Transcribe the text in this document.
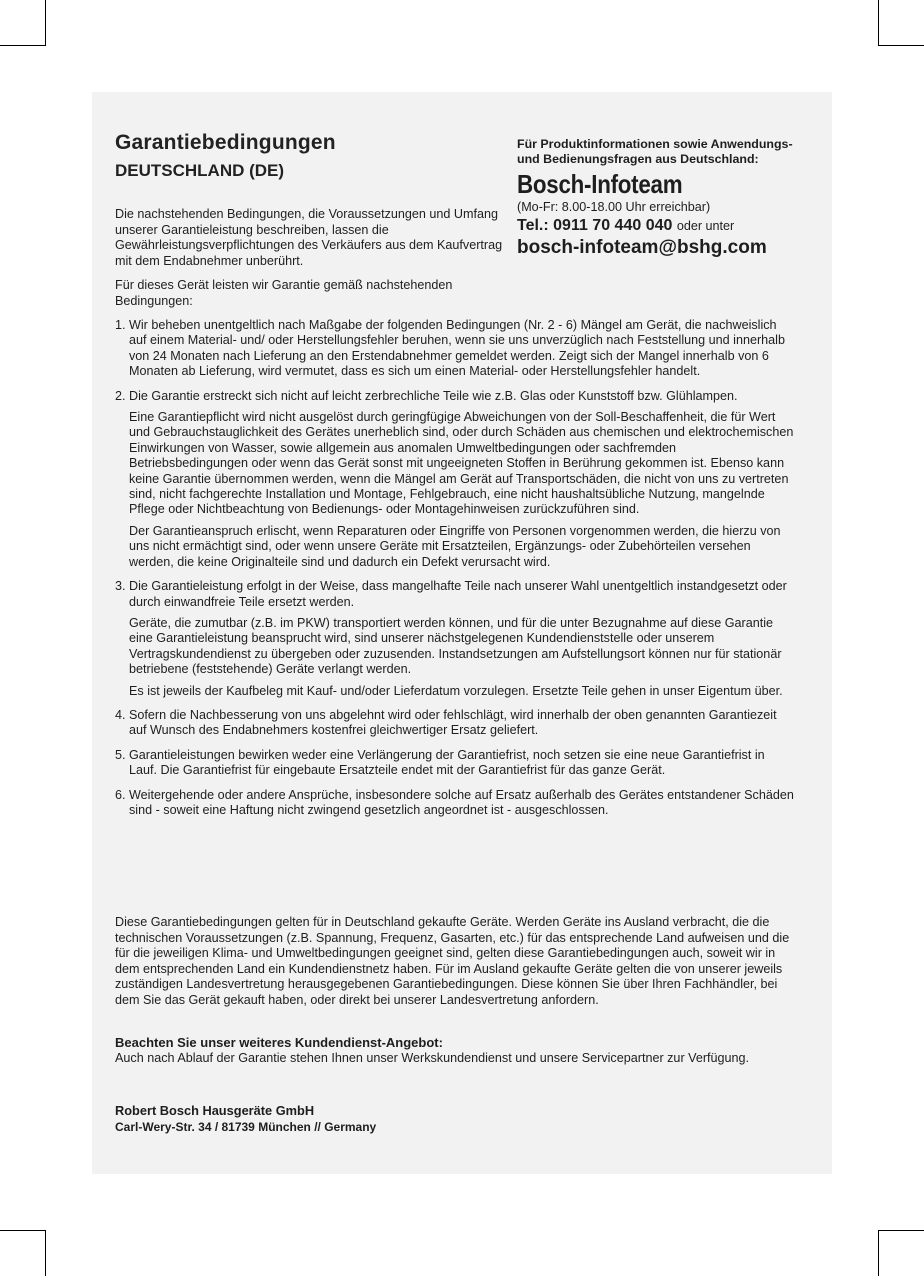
Garantiebedingungen
DEUTSCHLAND (DE)
Die nachstehenden Bedingungen, die Voraussetzungen und Umfang unserer Garantieleistung beschreiben, lassen die Gewährleistungsverpflichtungen des Verkäufers aus dem Kaufvertrag mit dem Endabnehmer unberührt.
Für dieses Gerät leisten wir Garantie gemäß nachstehenden Bedingungen:
Für Produktinformationen sowie Anwendungs- und Bedienungsfragen aus Deutschland:
Bosch-Infoteam
(Mo-Fr: 8.00-18.00 Uhr erreichbar)
Tel.: 0911 70 440 040 oder unter
bosch-infoteam@bshg.com
1. Wir beheben unentgeltlich nach Maßgabe der folgenden Bedingungen (Nr. 2 - 6) Mängel am Gerät, die nachweislich auf einem Material- und/ oder Herstellungsfehler beruhen, wenn sie uns unverzüglich nach Feststellung und innerhalb von 24 Monaten nach Lieferung an den Erstendabnehmer gemeldet werden. Zeigt sich der Mangel innerhalb von 6 Monaten ab Lieferung, wird vermutet, dass es sich um einen Material- oder Herstellungsfehler handelt.

2. Die Garantie erstreckt sich nicht auf leicht zerbrechliche Teile wie z.B. Glas oder Kunststoff bzw. Glühlampen.

Eine Garantiepflicht wird nicht ausgelöst durch geringfügige Abweichungen von der Soll-Beschaffenheit, die für Wert und Gebrauchstauglichkeit des Gerätes unerheblich sind, oder durch Schäden aus chemischen und elektrochemischen Einwirkungen von Wasser, sowie allgemein aus anomalen Umweltbedingungen oder sachfremden Betriebsbedingungen oder wenn das Gerät sonst mit ungeeigneten Stoffen in Berührung gekommen ist. Ebenso kann keine Garantie übernommen werden, wenn die Mängel am Gerät auf Transportschäden, die nicht von uns zu vertreten sind, nicht fachgerechte Installation und Montage, Fehlgebrauch, eine nicht haushaltsübliche Nutzung, mangelnde Pflege oder Nichtbeachtung von Bedienungs- oder Montagehinweisen zurückzuführen sind.

Der Garantieanspruch erlischt, wenn Reparaturen oder Eingriffe von Personen vorgenommen werden, die hierzu von uns nicht ermächtigt sind, oder wenn unsere Geräte mit Ersatzteilen, Ergänzungs- oder Zubehörteilen versehen werden, die keine Originalteile sind und dadurch ein Defekt verursacht wird.

3. Die Garantieleistung erfolgt in der Weise, dass mangelhafte Teile nach unserer Wahl unentgeltlich instandgesetzt oder durch einwandfreie Teile ersetzt werden.

Geräte, die zumutbar (z.B. im PKW) transportiert werden können, und für die unter Bezugnahme auf diese Garantie eine Garantieleistung beansprucht wird, sind unserer nächstgelegenen Kundendienststelle oder unserem Vertragskundendienst zu übergeben oder zuzusenden. Instandsetzungen am Aufstellungsort können nur für stationär betriebene (feststehende) Geräte verlangt werden.

Es ist jeweils der Kaufbeleg mit Kauf- und/oder Lieferdatum vorzulegen. Ersetzte Teile gehen in unser Eigentum über.

4. Sofern die Nachbesserung von uns abgelehnt wird oder fehlschlägt, wird innerhalb der oben genannten Garantiezeit auf Wunsch des Endabnehmers kostenfrei gleichwertiger Ersatz geliefert.

5. Garantieleistungen bewirken weder eine Verlängerung der Garantiefrist, noch setzen sie eine neue Garantiefrist in Lauf. Die Garantiefrist für eingebaute Ersatzteile endet mit der Garantiefrist für das ganze Gerät.

6. Weitergehende oder andere Ansprüche, insbesondere solche auf Ersatz außerhalb des Gerätes entstandener Schäden sind - soweit eine Haftung nicht zwingend gesetzlich angeordnet ist - ausgeschlossen.

Diese Garantiebedingungen gelten für in Deutschland gekaufte Geräte. Werden Geräte ins Ausland verbracht, die die technischen Voraussetzungen (z.B. Spannung, Frequenz, Gasarten, etc.) für das entsprechende Land aufweisen und die für die jeweiligen Klima- und Umweltbedingungen geeignet sind, gelten diese Garantiebedingungen auch, soweit wir in dem entsprechenden Land ein Kundendienstnetz haben. Für im Ausland gekaufte Geräte gelten die von unserer jeweils zuständigen Landesvertretung herausgegebenen Garantiebedingungen. Diese können Sie über Ihren Fachhändler, bei dem Sie das Gerät gekauft haben, oder direkt bei unserer Landesvertretung anfordern.
Beachten Sie unser weiteres Kundendienst-Angebot:
Auch nach Ablauf der Garantie stehen Ihnen unser Werkskundendienst und unsere Servicepartner zur Verfügung.
Robert Bosch Hausgeräte GmbH
Carl-Wery-Str. 34 / 81739 München // Germany
